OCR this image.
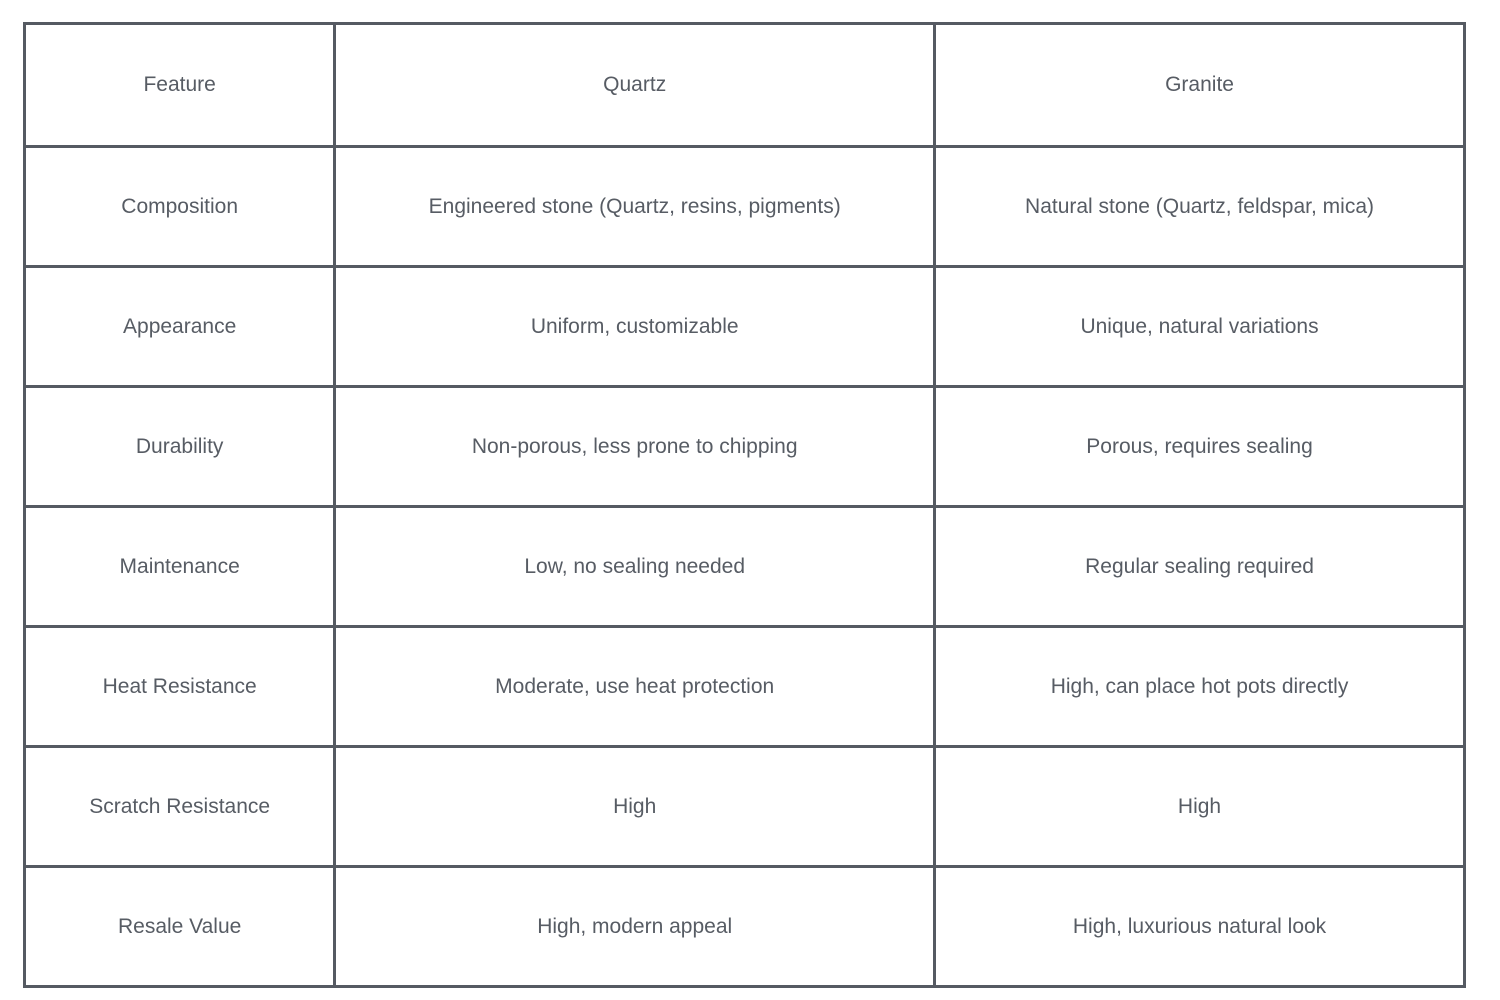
Feature	Quartz	Granite
Composition	Engineered stone (Quartz, resins, pigments)	Natural stone (Quartz, feldspar, mica)
Appearance	Uniform, customizable	Unique, natural variations
Durability	Non-porous, less prone to chipping	Porous, requires sealing
Maintenance	Low, no sealing needed	Regular sealing required
Heat Resistance	Moderate, use heat protection	High, can place hot pots directly
Scratch Resistance	High	High
Resale Value	High, modern appeal	High, luxurious natural look
